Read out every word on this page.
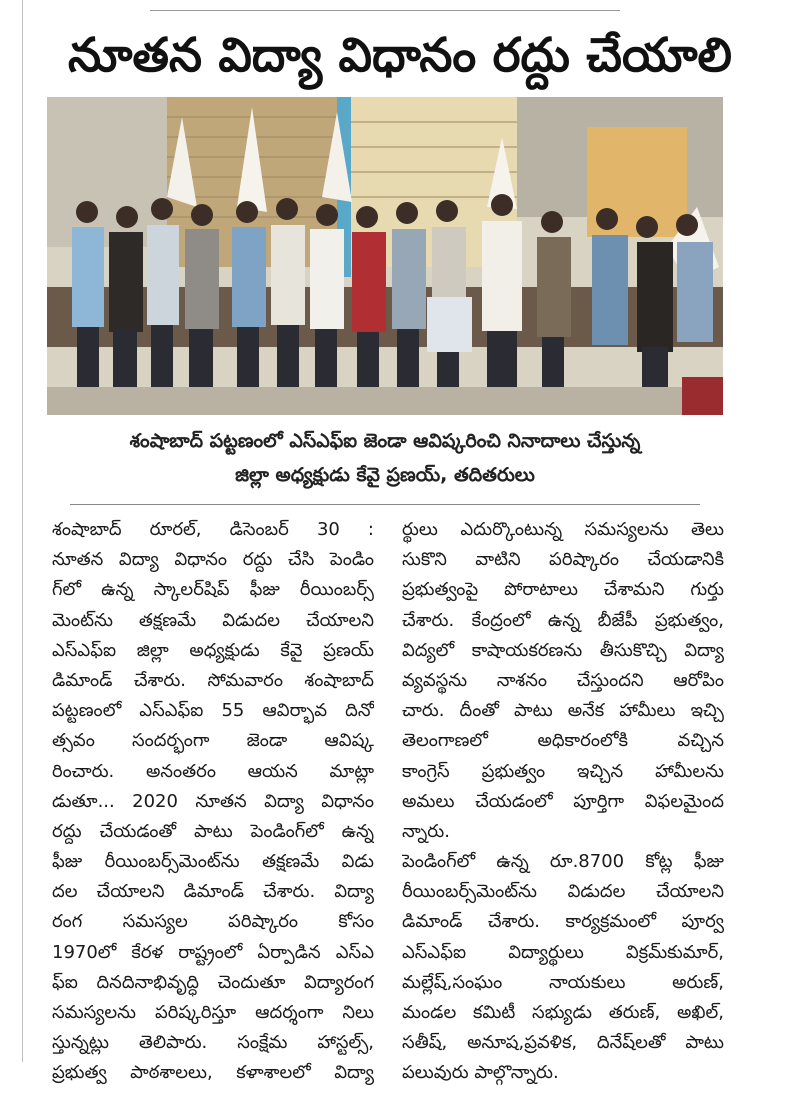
నూతన విద్యా విధానం రద్దు చేయాలి
శంషాబాద్ పట్టణంలో ఎస్ఎఫ్ఐ జెండా ఆవిష్కరించి నినాదాలు చేస్తున్న
జిల్లా అధ్యక్షుడు కేవై ప్రణయ్, తదితరులు
శంషాబాద్ రూరల్, డిసెంబర్ 30 :
నూతన విద్యా విధానం రద్దు చేసి పెండిం
గ్‌లో ఉన్న స్కాలర్‌షిప్ ఫీజు రీయింబర్స్
మెంట్‌ను తక్షణమే విడుదల చేయాలని
ఎస్ఎఫ్ఐ జిల్లా అధ్యక్షుడు కేవై ప్రణయ్
డిమాండ్ చేశారు. సోమవారం శంషాబాద్
పట్టణంలో ఎస్ఎఫ్ఐ 55 ఆవిర్భావ దినో
త్సవం సందర్భంగా జెండా ఆవిష్క
రించారు. అనంతరం ఆయన మాట్లా
డుతూ... 2020 నూతన విద్యా విధానం
రద్దు చేయడంతో పాటు పెండింగ్‌లో ఉన్న
ఫీజు రీయింబర్స్‌మెంట్‌ను తక్షణమే విడు
దల చేయాలని డిమాండ్ చేశారు. విద్యా
రంగ సమస్యల పరిష్కారం కోసం
1970లో కేరళ రాష్ట్రంలో ఏర్పాడిన ఎస్ఎ
ఫ్ఐ దినదినాభివృద్ధి చెందుతూ విద్యారంగ
సమస్యలను పరిష్కరిస్తూ ఆదర్శంగా నిలు
స్తున్నట్లు తెలిపారు. సంక్షేమ హాస్టల్స్,
ప్రభుత్వ పాఠశాలలు, కళాశాలలో విద్యా
ర్థులు ఎదుర్కొంటున్న సమస్యలను తెలు
సుకొని వాటిని పరిష్కారం చేయడానికి
ప్రభుత్వంపై పోరాటాలు చేశామని గుర్తు
చేశారు. కేంద్రంలో ఉన్న బీజేపీ ప్రభుత్వం,
విద్యలో కాషాయకరణను తీసుకొచ్చి విద్యా
వ్యవస్థను నాశనం చేస్తుందని ఆరోపిం
చారు. దీంతో పాటు అనేక హామీలు ఇచ్చి
తెలంగాణలో అధికారంలోకి వచ్చిన
కాంగ్రెస్ ప్రభుత్వం ఇచ్చిన హామీలను
అమలు చేయడంలో పూర్తిగా విఫలమైంద
న్నారు.
పెండింగ్‌లో ఉన్న రూ.8700 కోట్ల ఫీజు
రీయింబర్స్‌మెంట్‌ను విడుదల చేయాలని
డిమాండ్ చేశారు. కార్యక్రమంలో పూర్వ
ఎస్ఎఫ్ఐ విద్యార్థులు విక్రమ్‌కుమార్,
మల్లేష్,సంఘం నాయకులు అరుణ్,
మండల కమిటీ సభ్యుడు తరుణ్, అఖిల్,
సతీష్, అనూష,ప్రవళిక, దినేష్‌లతో పాటు
పలువురు పాల్గొన్నారు.
